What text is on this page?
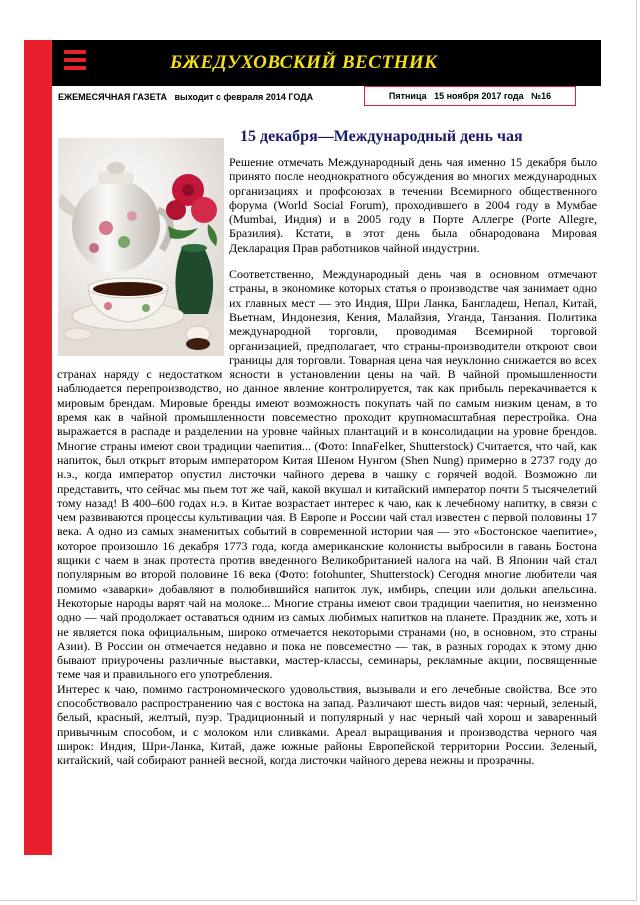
БЖЕДУХОВСКИЙ ВЕСТНИК
ЕЖЕМЕСЯЧНАЯ ГАЗЕТА   выходит с февраля 2014 ГОДА	Пятница   15 ноября 2017 года   №16
15 декабря—Международный день чая

Решение отмечать Международный день чая именно 15 декабря было принято после неоднократного обсуждения во многих международных организациях и профсоюзах в течении Всемирного общественного форума (World Social Forum), проходившего в 2004 году в Мумбае (Mumbai, Индия) и в 2005 году в Порте Аллегре (Porte Allegre, Бразилия). Кстати, в этот день была обнародована Мировая Декларация Прав работников чайной индустрии.

Соответственно, Международный день чая в основном отмечают страны, в экономике которых статья о производстве чая занимает одно их главных мест — это Индия, Шри Ланка, Бангладеш, Непал, Китай, Вьетнам, Индонезия, Кения, Малайзия, Уганда, Танзания. Политика международной торговли, проводимая Всемирной торговой организацией, предполагает, что страны-производители откроют свои границы для торговли. Товарная цена чая неуклонно снижается во всех странах наряду с недостатком ясности в установлении цены на чай. В чайной промышленности наблюдается перепроизводство, но данное явление контролируется, так как прибыль перекачивается к мировым брендам. Мировые бренды имеют возможность покупать чай по самым низким ценам, в то время как в чайной промышленности повсеместно проходит крупномасштабная перестройка. Она выражается в распаде и разделении на уровне чайных плантаций и в консолидации на уровне брендов. Многие страны имеют свои традиции чаепития... (Фото: InnaFelker, Shutterstock) Считается, что чай, как напиток, был открыт вторым императором Китая Шеном Нунгом (Shen Nung) примерно в 2737 году до н.э., когда император опустил листочки чайного дерева в чашку с горячей водой. Возможно ли представить, что сейчас мы пьем тот же чай, какой вкушал и китайский император почти 5 тысячелетий тому назад! В 400–600 годах н.э. в Китае возрастает интерес к чаю, как к лечебному напитку, в связи с чем развиваются процессы культивации чая. В Европе и России чай стал известен с первой половины 17 века. А одно из самых знаменитых событий в современной истории чая — это «Бостонское чаепитие», которое произошло 16 декабря 1773 года, когда американские колонисты выбросили в гавань Бостона ящики с чаем в знак протеста против введенного Великобританией налога на чай. В Японии чай стал популярным во второй половине 16 века (Фото: fotohunter, Shutterstock) Сегодня многие любители чая помимо «заварки» добавляют в полюбившийся напиток лук, имбирь, специи или дольки апельсина. Некоторые народы варят чай на молоке... Многие страны имеют свои традиции чаепития, но неизменно одно — чай продолжает оставаться одним из самых любимых напитков на планете. Праздник же, хоть и не является пока официальным, широко отмечается некоторыми странами (но, в основном, это страны Азии). В России он отмечается недавно и пока не повсеместно — так, в разных городах к этому дню бывают приурочены различные выставки, мастер-классы, семинары, рекламные акции, посвященные теме чая и правильного его употребления.

Интерес к чаю, помимо гастрономического удовольствия, вызывали и его лечебные свойства. Все это способствовало распространению чая с востока на запад. Различают шесть видов чая: черный, зеленый, белый, красный, желтый, пуэр. Традиционный и популярный у нас черный чай хорош и заваренный привычным способом, и с молоком или сливками. Ареал выращивания и производства черного чая широк: Индия, Шри-Ланка, Китай, даже южные районы Европейской территории России. Зеленый, китайский, чай собирают ранней весной, когда листочки чайного дерева нежны и прозрачны.
